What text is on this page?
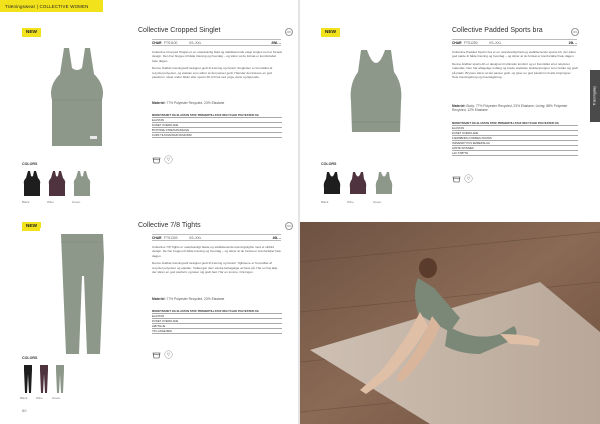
Træningswear | COLLECTIVE WOMEN
NEW	Collective Cropped Singlet	20%
CHAR FTS1100	XS–XXL	2WL –

Collective Cropped Singlet er en usædvanlig blød og stabiliserende vægt singlet med et forskel design. Den har brugeu til både træning og hverdag – og sikrer at du fortsat er komfortabel hele dagen.

Denne åndbar træningsstil designet godt til træning og livsstil. Singletten er fremstillet af recyclet polyester, og elastan som sikrer at det passer godt. Hænder det kræves en god passform. Ideel under bikini eller sports-bh til bruk ved yoga, dans og lignende.

Materiel: 77% Polyester Recycled, 23% Elastane
MODETRADET OG ELASTAN STOF PRIMÆRTILLSTAF RECYCLED POLYESTER OG
ELASTAN
DUNET OVERFLADE
BYPOSSE STRETHPASSAGE
KURS TILTAGNINGR PASFORM
COLORS
Black	Wine	Green
NEW	Collective Padded Sports bra	20%
CHAR FTS1250	XS–XXL	29L –

Collective Padded Sports bra er en usædvanlig blød og stabiliserende sports-bh, der sikrer god støtte til både træning og hverdag – og sikrer at du fortsat er komfortabel hele dagen.

Denne åndbar sports-bh er designet til ultimativ komfort og er fremstillet af et rekyleret materiale. Den har aftagelige indlæg og brede elastiske skulderstropper som holder sig godt på plads. Brysten sikrer at det passer godt, og giver en god passform til alle kropstyper. Hele træningsbrug og hverdagsbrug.

Materiel: Body: 77% Polyester Recycled, 23% Elastane; Lining: 88% Polyester Recycled, 12% Elastane
MODETRADET OG ELASTAN STOF PRIMÆRTILLSTAF RECYCLED POLYESTER OG
ELASTAN
DUNET OVERFLADE
FJERNBORG FORMES KNOWS
INDVENDT PUS EMMERSLAG
LØSTE SKINNER
LAV STØTTE
COLORS
Black	Wine	Green
NEW	Collective 7/8 Tights	20%
CHAR FTS1300	XS–XXL	40L –

Collective 7/8 Tights er usædvanligt bløde og stabiliserende træningstights med et stilfuld design. De har brugeu til både træning og hverdag – og sikrer at du fortsat er komfortabel hele dagen.

Denne åndbar træningsstil designet godt til træning og livsstil. Tightsene er fremstillet af recyclet polyester og elastan, hvilket gør dem ekstra behagelige at have på. Har en høj talje der sikrer en god pasform og løser sig godt fast. Har en lomme i linningen.

Materiel: 77% Polyester Recycled, 23% Elastane
MODETRADET OG ELASTAN STOF PRIMÆRTILLSTAF RECYCLED POLYESTER OG
ELASTAN
DUNET OVERFLADE
HØJTALJE
7/8 LANGE BEN
COLORS
Black	Wine	Green
80
Træningstøj
